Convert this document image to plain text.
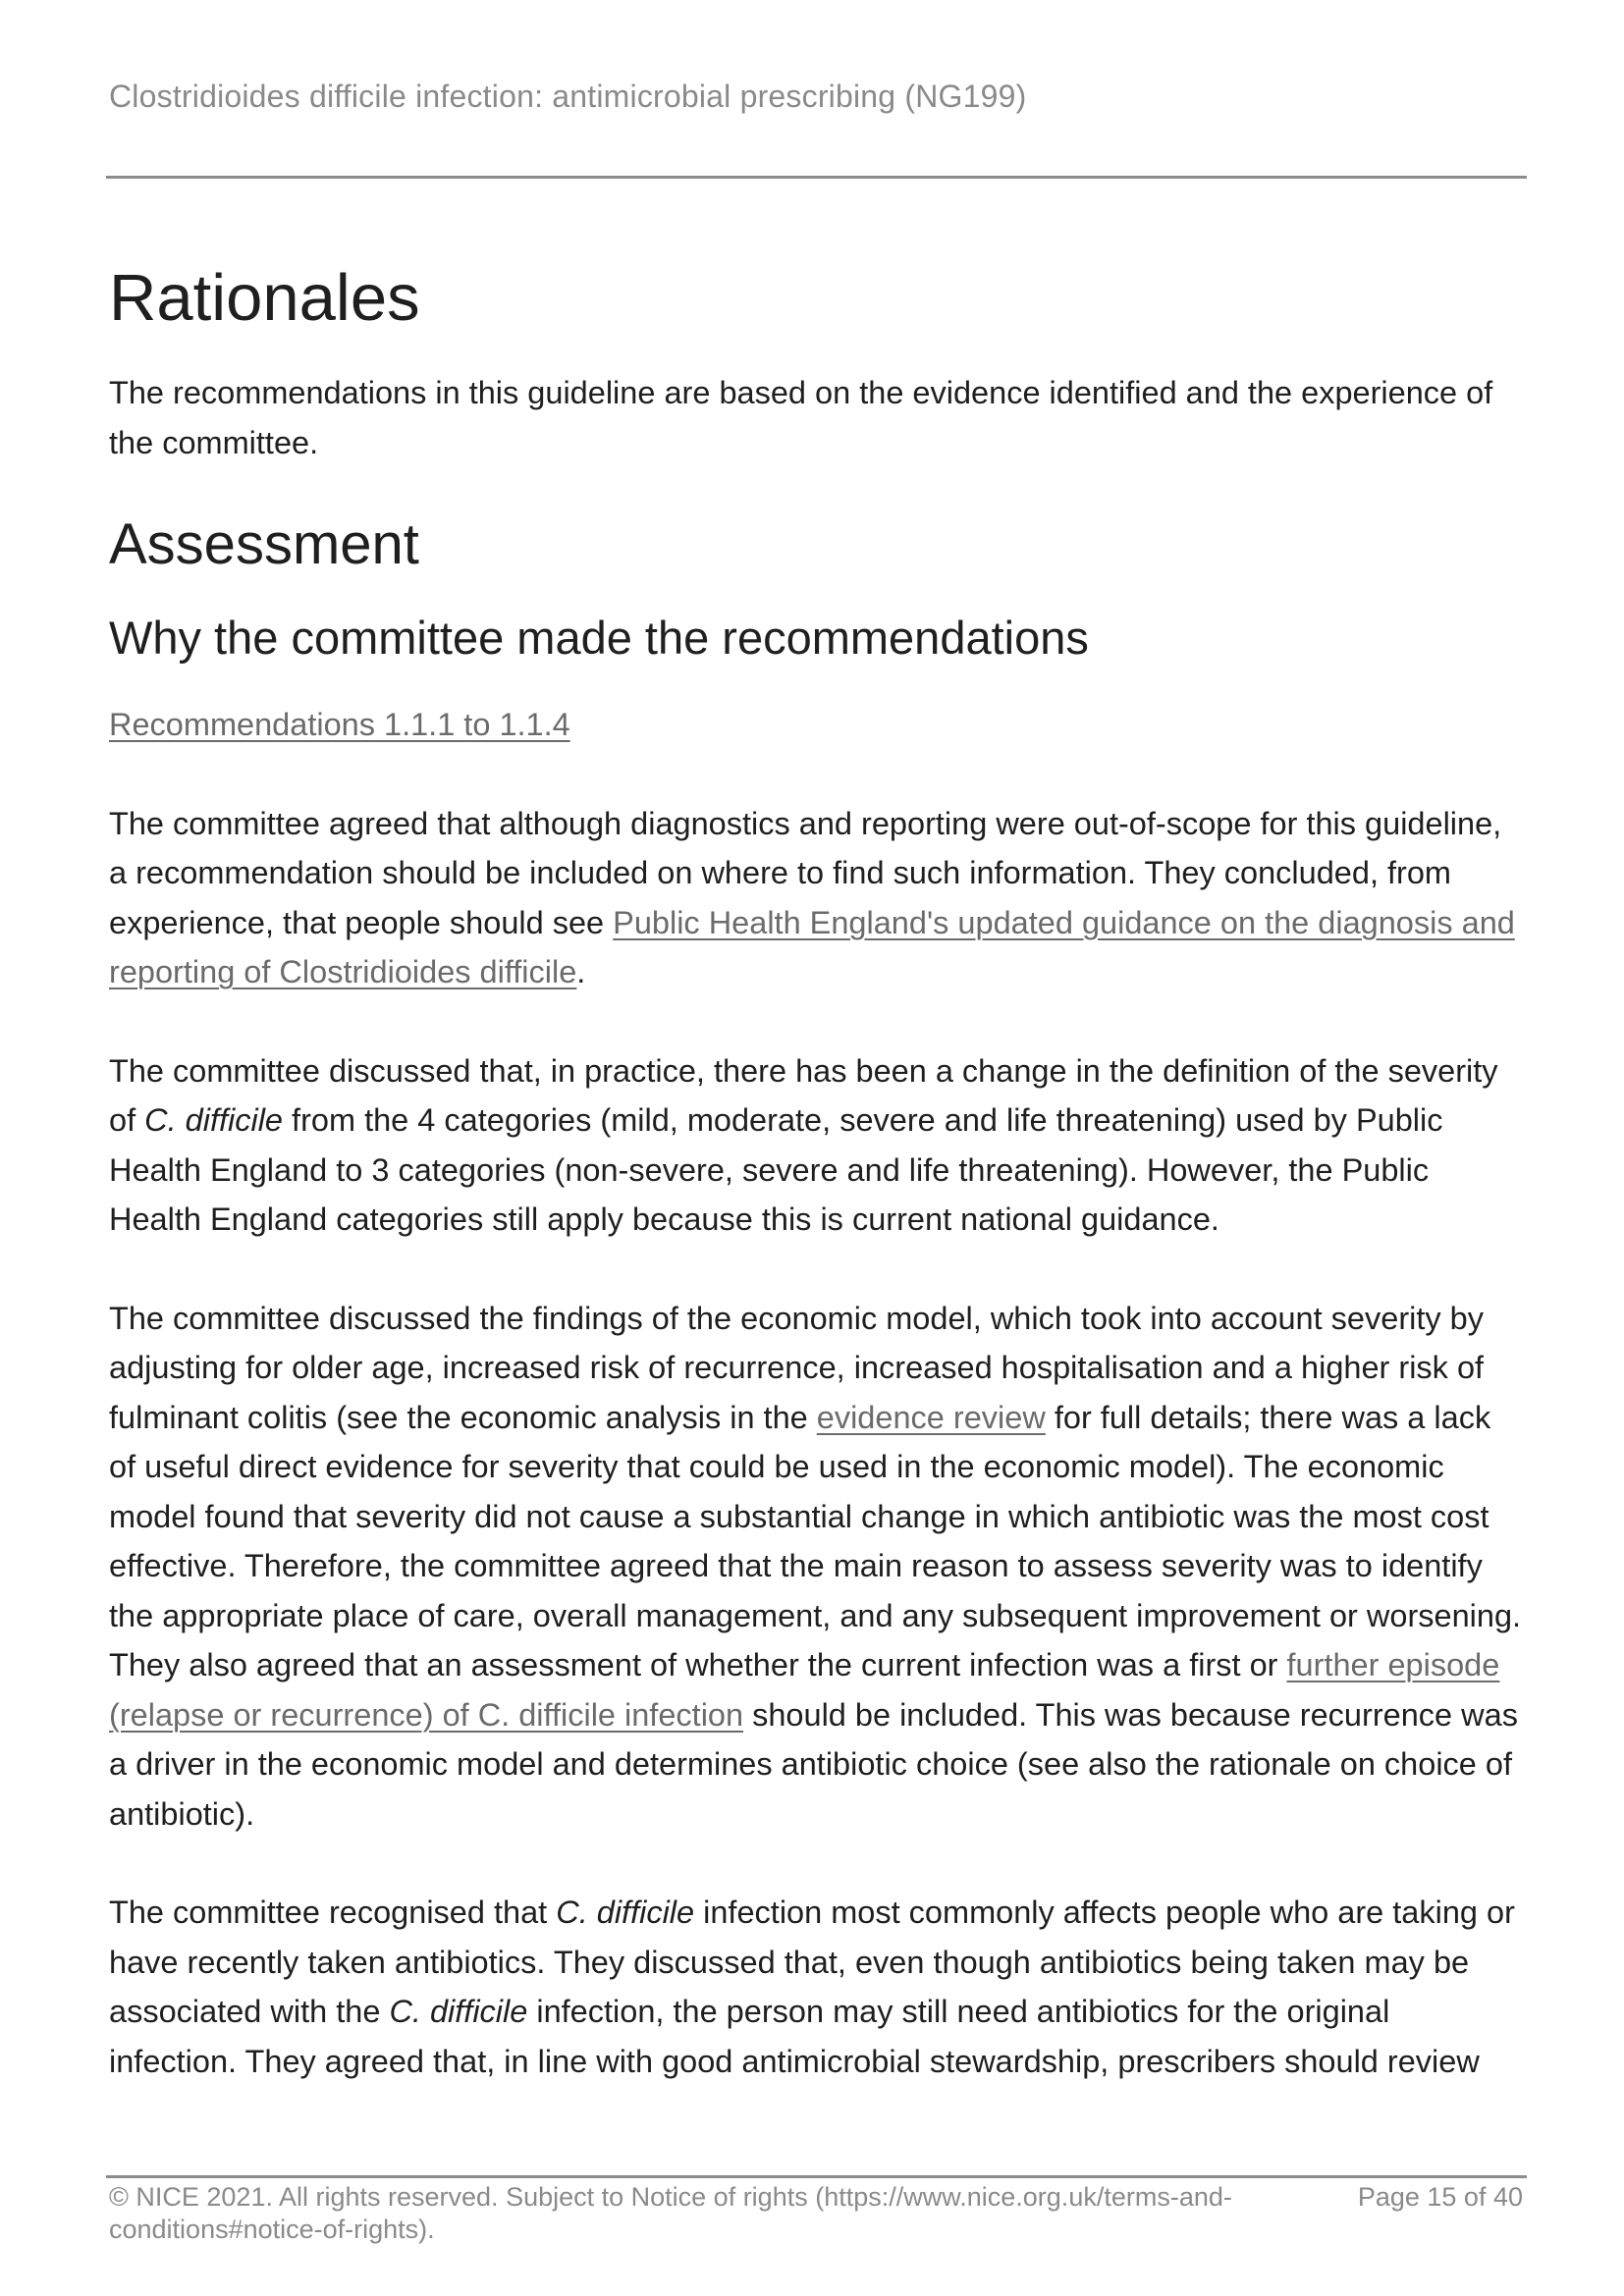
Clostridioides difficile infection: antimicrobial prescribing (NG199)
Rationales

The recommendations in this guideline are based on the evidence identified and the experience of the committee.

Assessment
Why the committee made the recommendations

Recommendations 1.1.1 to 1.1.4

The committee agreed that although diagnostics and reporting were out-of-scope for this guideline, a recommendation should be included on where to find such information. They concluded, from experience, that people should see Public Health England's updated guidance on the diagnosis and reporting of Clostridioides difficile.

The committee discussed that, in practice, there has been a change in the definition of the severity of C. difficile from the 4 categories (mild, moderate, severe and life threatening) used by Public Health England to 3 categories (non-severe, severe and life threatening). However, the Public Health England categories still apply because this is current national guidance.

The committee discussed the findings of the economic model, which took into account severity by adjusting for older age, increased risk of recurrence, increased hospitalisation and a higher risk of fulminant colitis (see the economic analysis in the evidence review for full details; there was a lack of useful direct evidence for severity that could be used in the economic model). The economic model found that severity did not cause a substantial change in which antibiotic was the most cost effective. Therefore, the committee agreed that the main reason to assess severity was to identify the appropriate place of care, overall management, and any subsequent improvement or worsening. They also agreed that an assessment of whether the current infection was a first or further episode (relapse or recurrence) of C. difficile infection should be included. This was because recurrence was a driver in the economic model and determines antibiotic choice (see also the rationale on choice of antibiotic).

The committee recognised that C. difficile infection most commonly affects people who are taking or have recently taken antibiotics. They discussed that, even though antibiotics being taken may be associated with the C. difficile infection, the person may still need antibiotics for the original infection. They agreed that, in line with good antimicrobial stewardship, prescribers should review

© NICE 2021. All rights reserved. Subject to Notice of rights (https://www.nice.org.uk/terms-and-conditions#notice-of-rights).
Page 15 of 40
